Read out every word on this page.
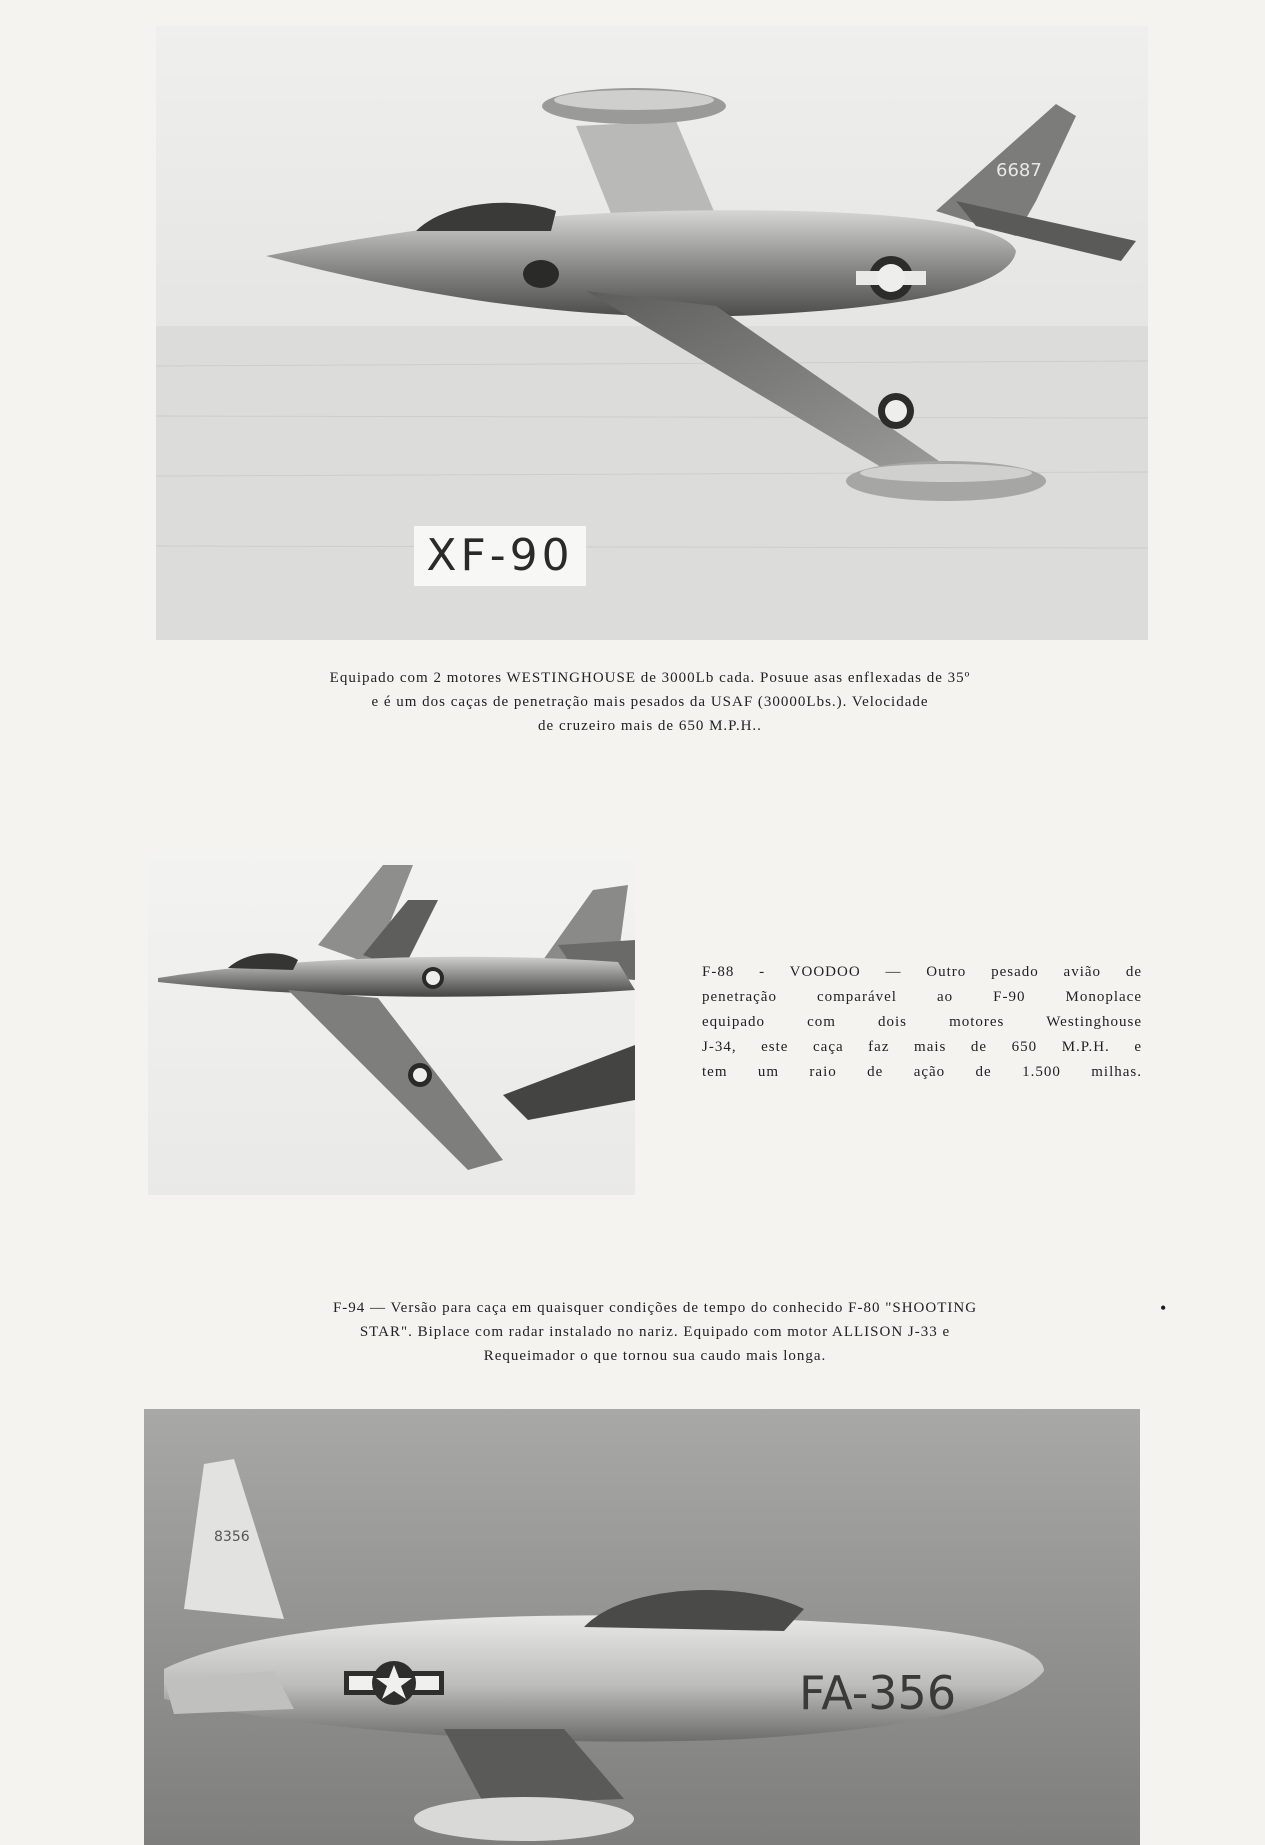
6687
XF-90
Equipado com 2 motores WESTINGHOUSE de 3000Lb cada. Posuue asas enflexadas de 35º
e é um dos caças de penetração mais pesados da USAF (30000Lbs.). Velocidade
de cruzeiro mais de 650 M.P.H..
F-88 - VOODOO — Outro pesado avião de
penetração comparável ao F-90 Monoplace
equipado com dois motores Westinghouse
J-34, este caça faz mais de 650 M.P.H. e
tem um raio de ação de 1.500 milhas.
F-94 — Versão para caça em quaisquer condições de tempo do conhecido F-80 "SHOOTING
STAR". Biplace com radar instalado no nariz. Equipado com motor ALLISON J-33 e
Requeimador o que tornou sua caudo mais longa.
•
8356
FA-356
